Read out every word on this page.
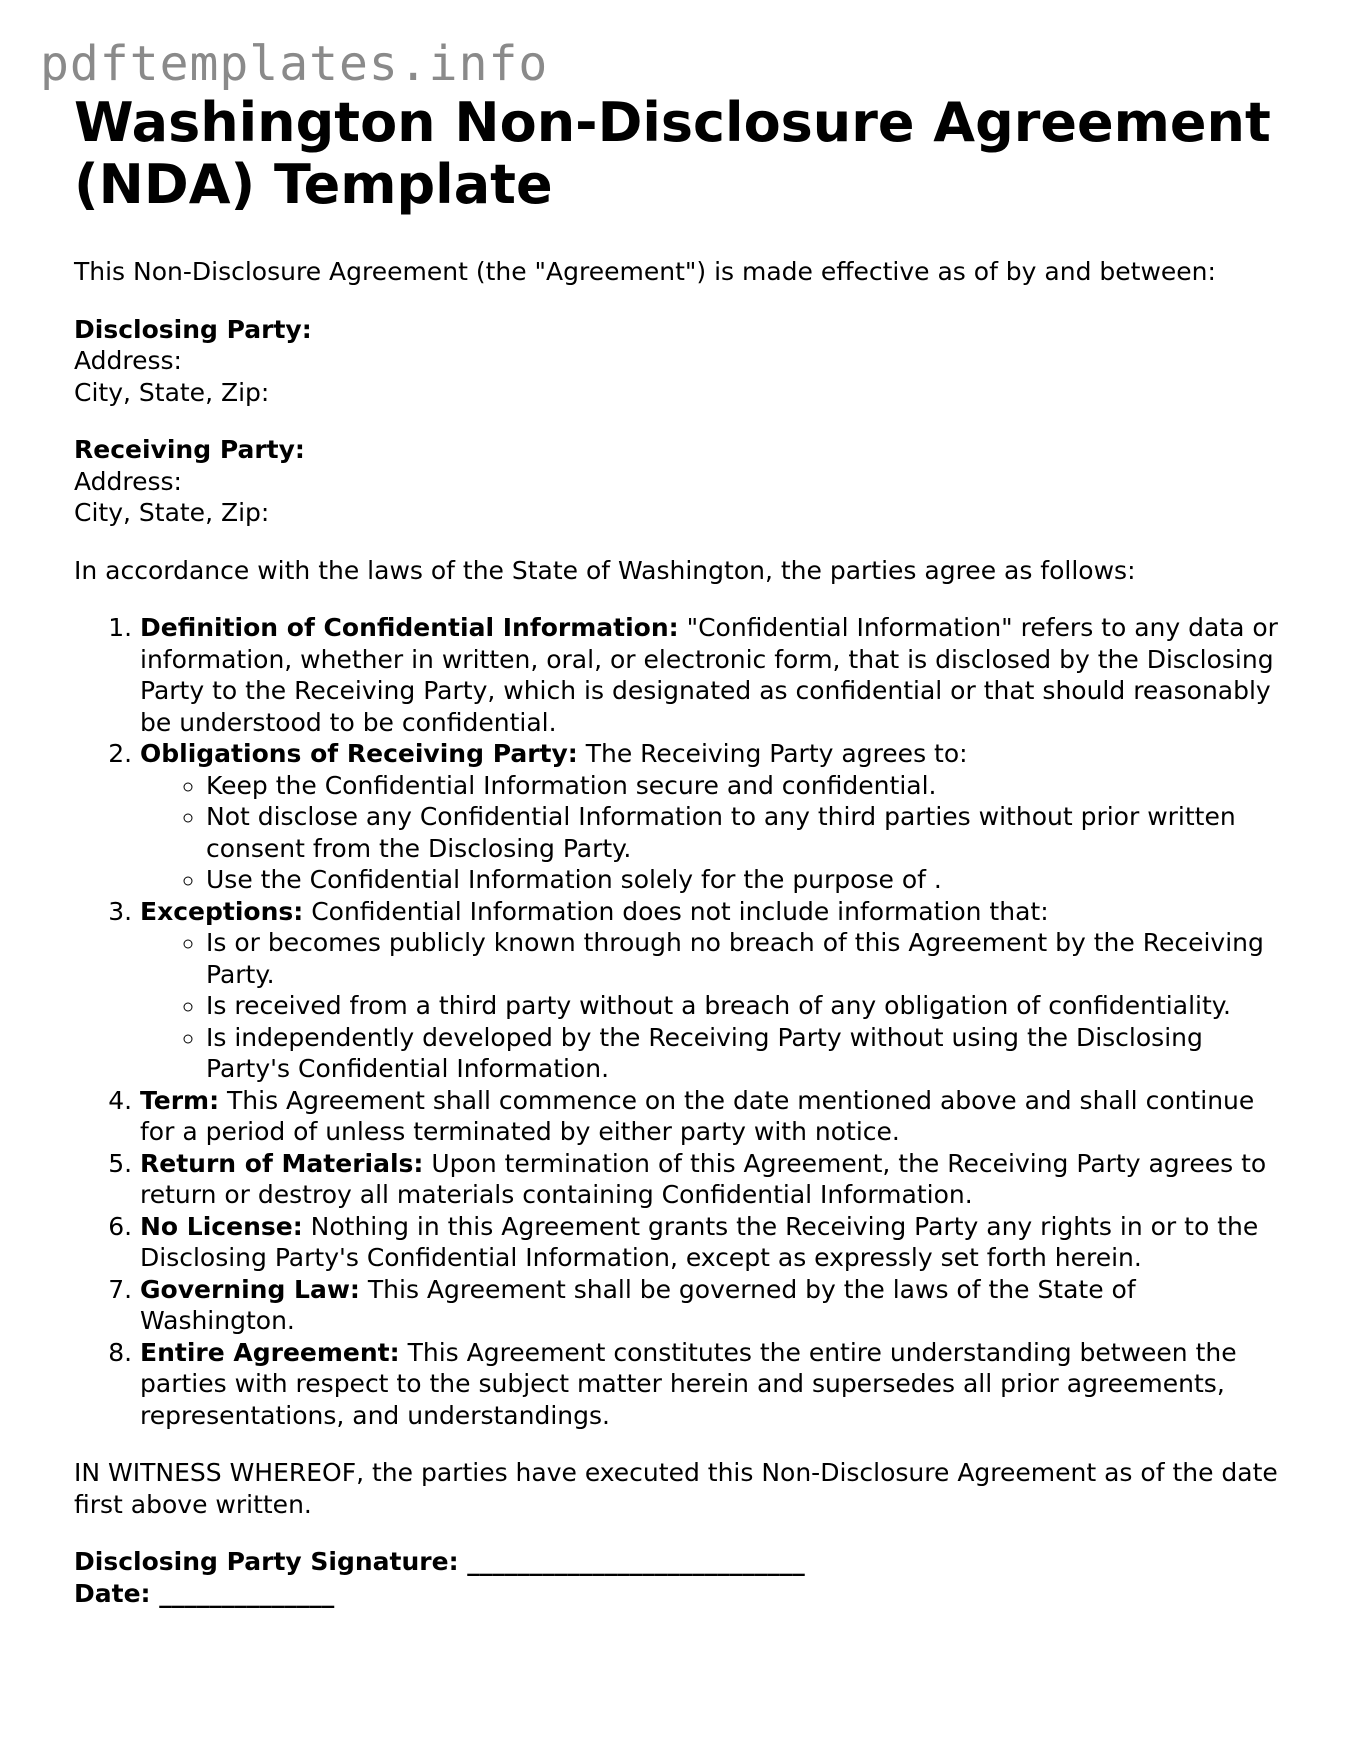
pdftemplates.info
Washington Non-Disclosure Agreement (NDA) Template

This Non-Disclosure Agreement (the "Agreement") is made effective as of by and between:

Disclosing Party:
Address:
City, State, Zip:
Receiving Party:
Address:
City, State, Zip:

In accordance with the laws of the State of Washington, the parties agree as follows:

1. Definition of Confidential Information: "Confidential Information" refers to any data or information, whether in written, oral, or electronic form, that is disclosed by the Disclosing Party to the Receiving Party, which is designated as confidential or that should reasonably be understood to be confidential.
2. Obligations of Receiving Party: The Receiving Party agrees to:
◦ Keep the Confidential Information secure and confidential.
◦ Not disclose any Confidential Information to any third parties without prior written consent from the Disclosing Party.
◦ Use the Confidential Information solely for the purpose of .
3. Exceptions: Confidential Information does not include information that:
◦ Is or becomes publicly known through no breach of this Agreement by the Receiving Party.
◦ Is received from a third party without a breach of any obligation of confidentiality.
◦ Is independently developed by the Receiving Party without using the Disclosing Party's Confidential Information.
4. Term: This Agreement shall commence on the date mentioned above and shall continue for a period of unless terminated by either party with notice.
5. Return of Materials: Upon termination of this Agreement, the Receiving Party agrees to return or destroy all materials containing Confidential Information.
6. No License: Nothing in this Agreement grants the Receiving Party any rights in or to the Disclosing Party's Confidential Information, except as expressly set forth herein.
7. Governing Law: This Agreement shall be governed by the laws of the State of Washington.
8. Entire Agreement: This Agreement constitutes the entire understanding between the parties with respect to the subject matter herein and supersedes all prior agreements, representations, and understandings.

IN WITNESS WHEREOF, the parties have executed this Non-Disclosure Agreement as of the date first above written.

Disclosing Party Signature: ___________________________
Date: ______________
